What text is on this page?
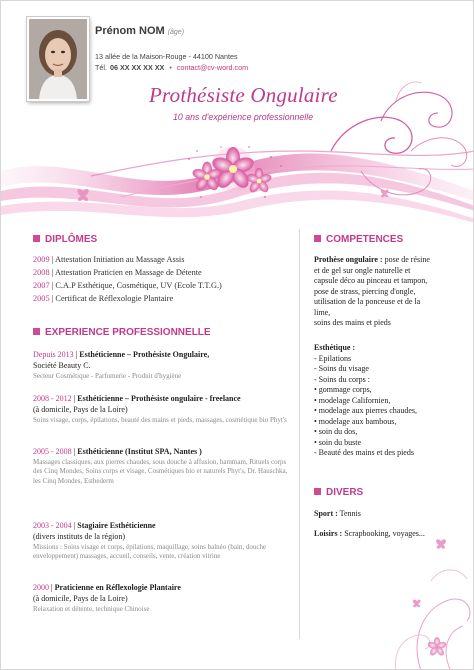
Prénom NOM (âge)
13 allée de la Maison-Rouge - 44100 Nantes
Tél. 06 XX XX XX XX • contact@cv-word.com
Prothésiste Ongulaire
10 ans d'expérience professionnelle
DIPLÔMES
2009 | Attestation Initiation au Massage Assis
2008 | Attestation Praticien en Massage de Détente
2007 | C.A.P Esthétique, Cosmétique, UV (Ecole T.T.G.)
2005 | Certificat de Réflexologie Plantaire
EXPERIENCE PROFESSIONNELLE
Depuis 2013 | Esthéticienne – Prothésiste Ongulaire,
Société Beauty C.
Secteur Cosmétique - Parfumerie - Produit d'hygiène
2008 - 2012 | Esthéticienne – Prothésiste ongulaire - freelance
(à domicile, Pays de la Loire)
Soins visage, corps, épilations, beauté des mains et pieds, massages, cosmétique bio Phyt's
2005 - 2008 | Esthéticienne (Institut SPA, Nantes )
Massages classiques, aux pierres chaudes, sous douche à affusion, hammam, Rituels corps des Cinq Mondes, Soins corps et visage, Cosmétiques bio et naturels Phyt's, Dr. Hauschka, les Cinq Mondes, Esthederm
2003 - 2004 | Stagiaire Esthéticienne
(divers instituts de la région)
Missions : Soins visage et corps, épilations, maquillage, soins balnéo (bain, douche enveloppement) massages, accueil, conseils, vente, création vitrine
2000 | Praticienne en Réflexologie Plantaire
(à domicile, Pays de la Loire)
Relaxation et détente, technique Chinoise
COMPETENCES
Prothèse ongulaire : pose de résine
et de gel sur ongle naturelle et
capsule déco au pinceau et tampon,
pose de strass, piercing d'ongle,
utilisation de la ponceuse et de la
lime,
soins des mains et pieds
Esthétique :
- Epilations
- Soins du visage
- Soins du corps :
• gommage corps,
• modelage Californien,
• modelage aux pierres chaudes,
• modelage aux bambous,
• soin du dos,
• soin du buste
- Beauté des mains et des pieds
DIVERS
Sport : Tennis
Loisirs : Scrapbooking, voyages...
